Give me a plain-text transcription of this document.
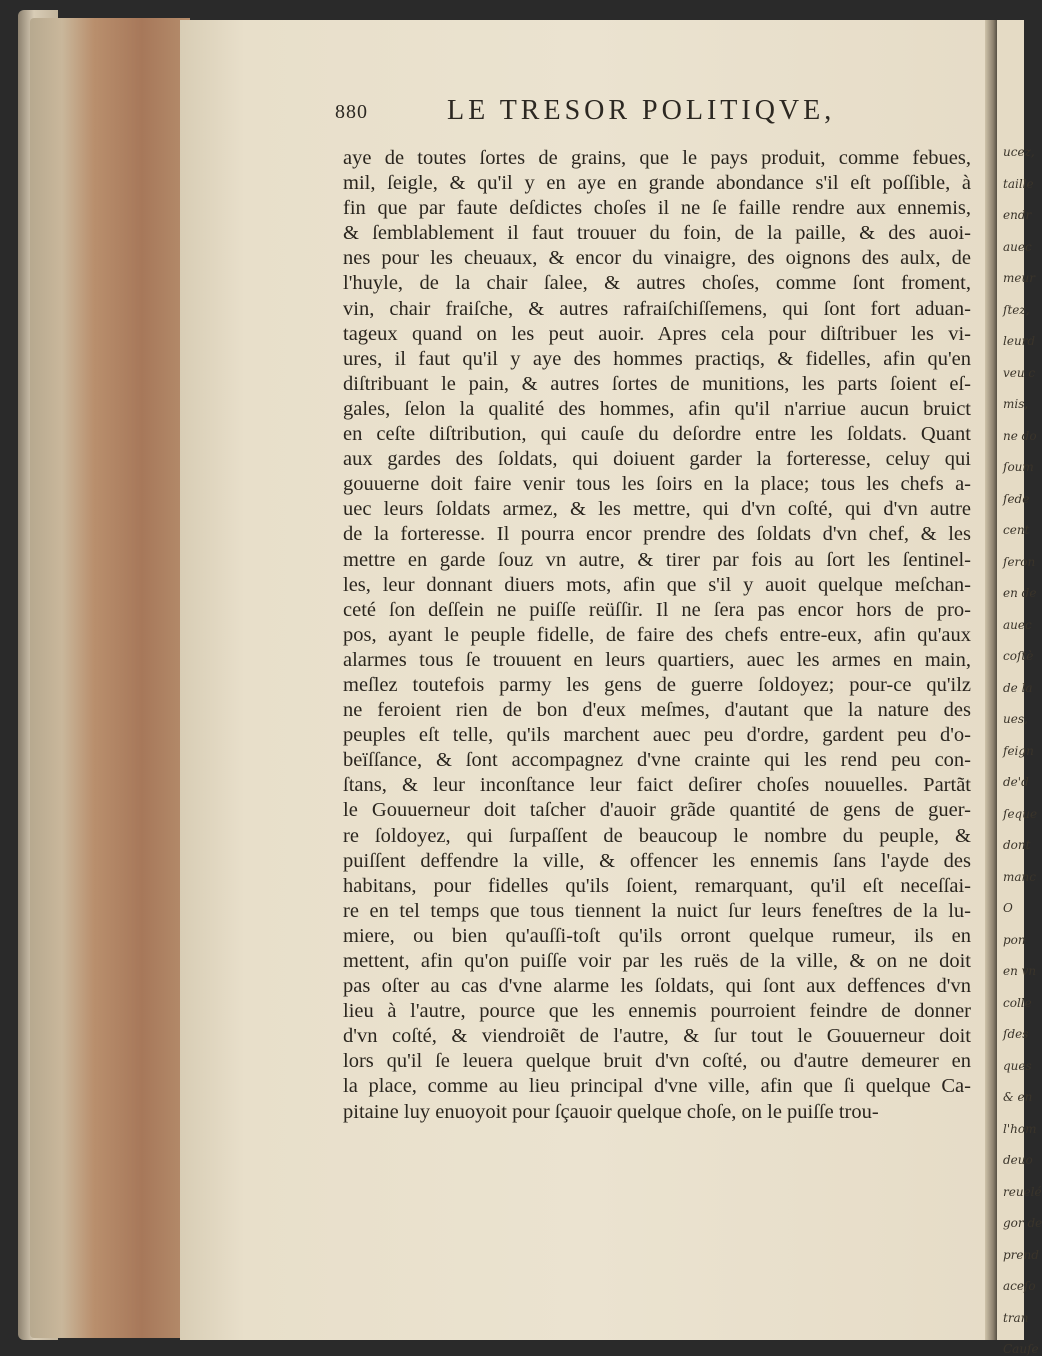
ucez,
taille
endr
auec
meur
ſtez,
leurd
veu c
mis,
ne do
ſoum
ſede
cent
ſeron
en de
auec
coſtè
de la
ues,
feign
de'd
ſeque
dont
manc
O
pon
en vn
colle
ſdes
ques
& en
l'hom
deuo
reuelé
gor de
prend
aceſo
tran
Cauſe
880	LE TRESOR POLITIQVE,
aye de toutes ſortes de grains, que le pays produit, comme febues,
mil, ſeigle, & qu'il y en aye en grande abondance s'il eſt poſſible, à
fin que par faute deſdictes choſes il ne ſe faille rendre aux ennemis,
& ſemblablement il faut trouuer du foin, de la paille, & des auoi-
nes pour les cheuaux, & encor du vinaigre, des oignons des aulx, de
l'huyle, de la chair ſalee, & autres choſes, comme ſont froment,
vin, chair fraiſche, & autres rafraiſchiſſemens, qui ſont fort aduan-
tageux quand on les peut auoir. Apres cela pour diſtribuer les vi-
ures, il faut qu'il y aye des hommes practiqs, & fidelles, afin qu'en
diſtribuant le pain, & autres ſortes de munitions, les parts ſoient eſ-
gales, ſelon la qualité des hommes, afin qu'il n'arriue aucun bruict
en ceſte diſtribution, qui cauſe du deſordre entre les ſoldats. Quant
aux gardes des ſoldats, qui doiuent garder la forteresse, celuy qui
gouuerne doit faire venir tous les ſoirs en la place; tous les chefs a-
uec leurs ſoldats armez, & les mettre, qui d'vn coſté, qui d'vn autre
de la forteresse. Il pourra encor prendre des ſoldats d'vn chef, & les
mettre en garde ſouz vn autre, & tirer par fois au ſort les ſentinel-
les, leur donnant diuers mots, afin que s'il y auoit quelque meſchan-
ceté ſon deſſein ne puiſſe reüſſir. Il ne ſera pas encor hors de pro-
pos, ayant le peuple fidelle, de faire des chefs entre-eux, afin qu'aux
alarmes tous ſe trouuent en leurs quartiers, auec les armes en main,
meſlez toutefois parmy les gens de guerre ſoldoyez; pour-ce qu'ilz
ne feroient rien de bon d'eux meſmes, d'autant que la nature des
peuples eſt telle, qu'ils marchent auec peu d'ordre, gardent peu d'o-
beïſſance, & ſont accompagnez d'vne crainte qui les rend peu con-
ſtans, & leur inconſtance leur faict deſirer choſes nouuelles. Partãt
le Gouuerneur doit taſcher d'auoir grãde quantité de gens de guer-
re ſoldoyez, qui ſurpaſſent de beaucoup le nombre du peuple, &
puiſſent deffendre la ville, & offencer les ennemis ſans l'ayde des
habitans, pour fidelles qu'ils ſoient, remarquant, qu'il eſt neceſſai-
re en tel temps que tous tiennent la nuict ſur leurs feneſtres de la lu-
miere, ou bien qu'auſſi-toſt qu'ils orront quelque rumeur, ils en
mettent, afin qu'on puiſſe voir par les ruës de la ville, & on ne doit
pas oſter au cas d'vne alarme les ſoldats, qui ſont aux deffences d'vn
lieu à l'autre, pource que les ennemis pourroient feindre de donner
d'vn coſté, & viendroiẽt de l'autre, & ſur tout le Gouuerneur doit
lors qu'il ſe leuera quelque bruit d'vn coſté, ou d'autre demeurer en
la place, comme au lieu principal d'vne ville, afin que ſi quelque Ca-
pitaine luy enuoyoit pour ſçauoir quelque choſe, on le puiſſe trou-
